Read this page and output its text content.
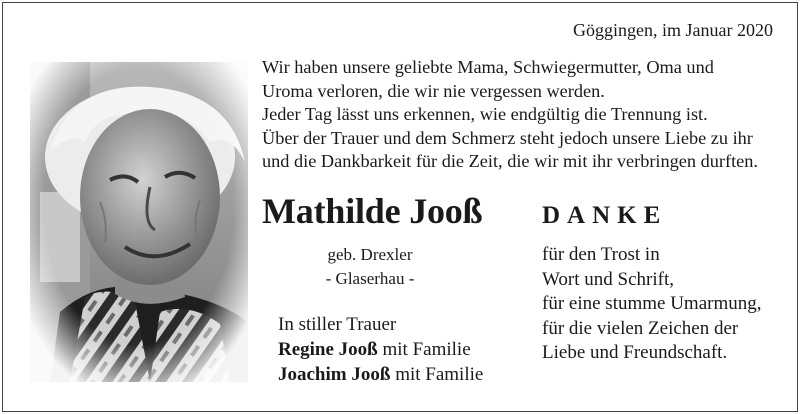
Göggingen, im Januar 2020
Wir haben unsere geliebte Mama, Schwiegermutter, Oma und
Uroma verloren, die wir nie vergessen werden.
Jeder Tag lässt uns erkennen, wie endgültig die Trennung ist.
Über der Trauer und dem Schmerz steht jedoch unsere Liebe zu ihr
und die Dankbarkeit für die Zeit, die wir mit ihr verbringen durften.
Mathilde Jooß
geb. Drexler
- Glaserhau -
In stiller Trauer
Regine Jooß mit Familie
Joachim Jooß mit Familie
DANKE
für den Trost in
Wort und Schrift,
für eine stumme Umarmung,
für die vielen Zeichen der
Liebe und Freundschaft.
